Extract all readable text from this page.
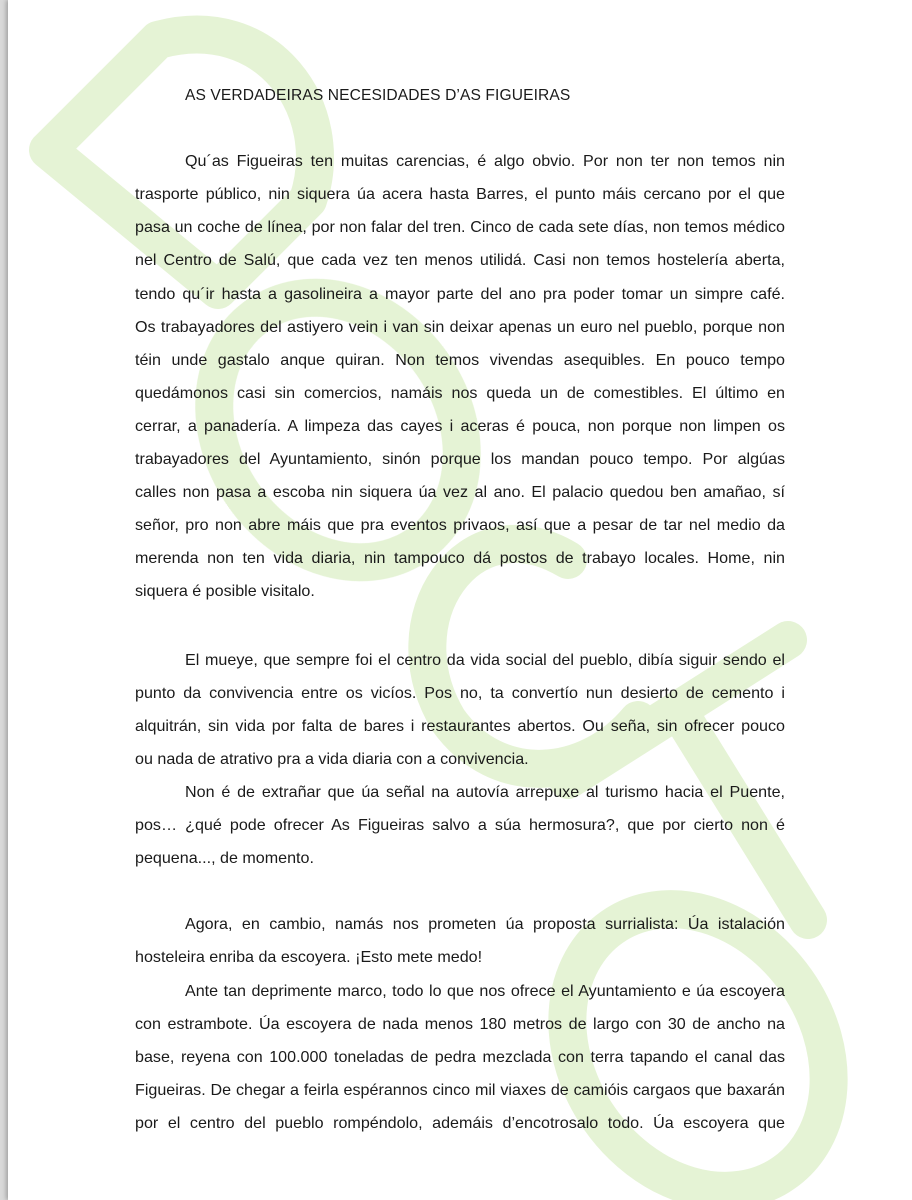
AS VERDADEIRAS NECESIDADES D’AS FIGUEIRAS
Qu´as Figueiras ten muitas carencias, é algo obvio. Por non ter non temos nin
trasporte público, nin siquera úa acera hasta Barres, el punto máis cercano por el que
pasa un coche de línea, por non falar del tren. Cinco de cada sete días, non temos médico
nel Centro de Salú, que cada vez ten menos utilidá. Casi non temos hostelería aberta,
tendo qu´ir hasta a gasolineira a mayor parte del ano pra poder tomar un simpre café.
Os trabayadores del astiyero vein i van sin deixar apenas un euro nel pueblo, porque non
téin unde gastalo anque quiran. Non temos vivendas asequibles. En pouco tempo
quedámonos casi sin comercios, namáis nos queda un de comestibles. El último en
cerrar, a panadería. A limpeza das cayes i aceras é pouca, non porque non limpen os
trabayadores del Ayuntamiento, sinón porque los mandan pouco tempo. Por algúas
calles non pasa a escoba nin siquera úa vez al ano. El palacio quedou ben amañao, sí
señor, pro non abre máis que pra eventos privaos, así que a pesar de tar nel medio da
merenda non ten vida diaria, nin tampouco dá postos de trabayo locales. Home, nin
siquera é posible visitalo.
El mueye, que sempre foi el centro da vida social del pueblo, dibía siguir sendo el
punto da convivencia entre os vicíos. Pos no, ta convertío nun desierto de cemento i
alquitrán, sin vida por falta de bares i restaurantes abertos. Ou seña, sin ofrecer pouco
ou nada de atrativo pra a vida diaria con a convivencia.
Non é de extrañar que úa señal na autovía arrepuxe al turismo hacia el Puente,
pos… ¿qué pode ofrecer As Figueiras salvo a súa hermosura?, que por cierto non é
pequena..., de momento.
Agora, en cambio, namás nos prometen úa proposta surrialista: Úa istalación
hosteleira enriba da escoyera. ¡Esto mete medo!
Ante tan deprimente marco, todo lo que nos ofrece el Ayuntamiento e úa escoyera
con estrambote. Úa escoyera de nada menos 180 metros de largo con 30 de ancho na
base, reyena con 100.000 toneladas de pedra mezclada con terra tapando el canal das
Figueiras. De chegar a feirla espérannos cinco mil viaxes de camióis cargaos que baxarán
por el centro del pueblo rompéndolo, ademáis d’encotrosalo todo. Úa escoyera que
